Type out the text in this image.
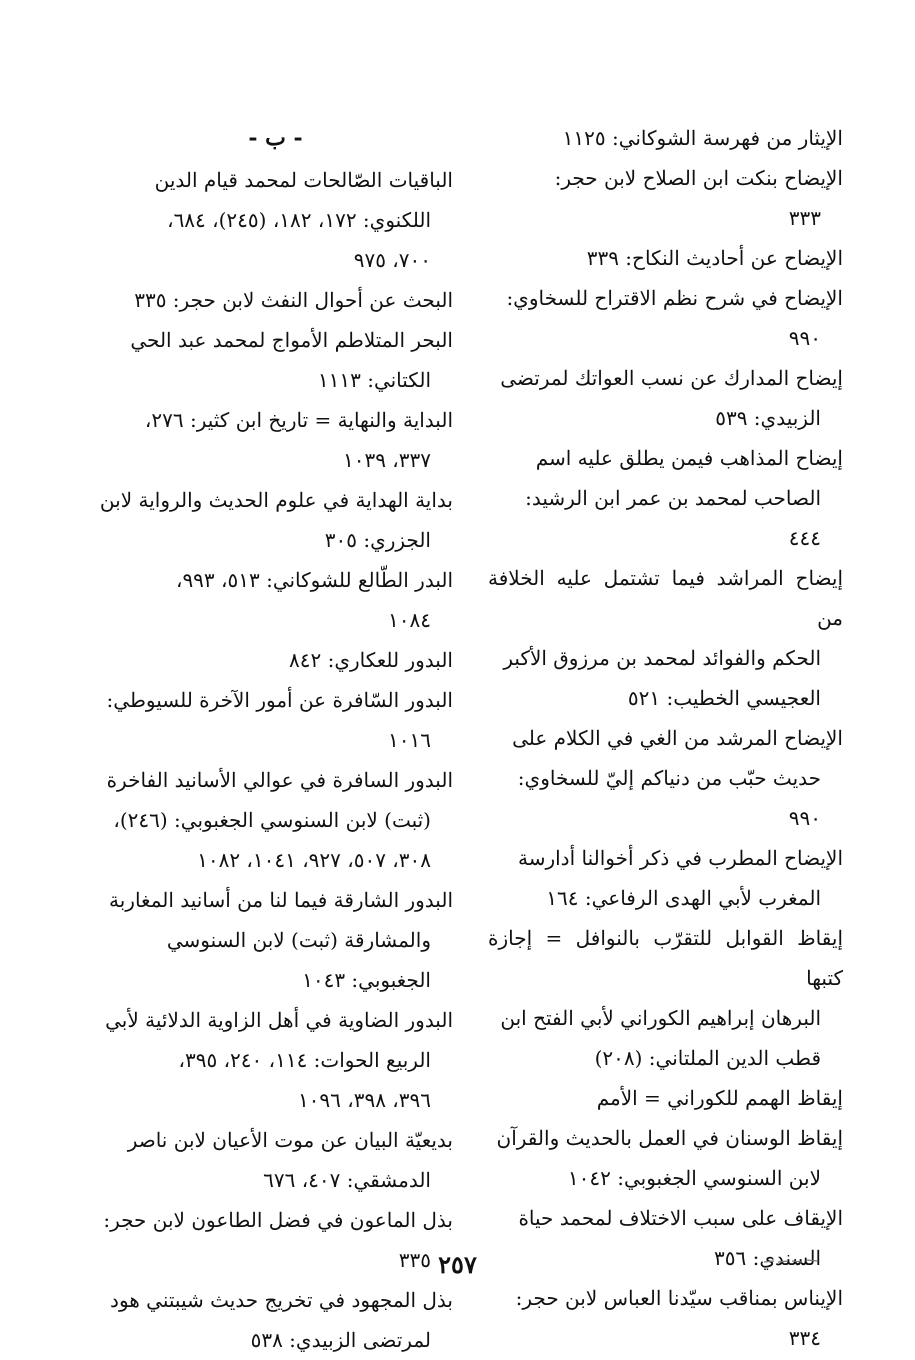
الإيثار من فهرسة الشوكاني: ١١٢٥
الإيضاح بنكت ابن الصلاح لابن حجر:
٣٣٣
الإيضاح عن أحاديث النكاح: ٣٣٩
الإيضاح في شرح نظم الاقتراح للسخاوي:
٩٩٠
إيضاح المدارك عن نسب العواتك لمرتضى
الزبيدي: ٥٣٩
إيضاح المذاهب فيمن يطلق عليه اسم
الصاحب لمحمد بن عمر ابن الرشيد:
٤٤٤
إيضاح المراشد فيما تشتمل عليه الخلافة من
الحكم والفوائد لمحمد بن مرزوق الأكبر
العجيسي الخطيب: ٥٢١
الإيضاح المرشد من الغي في الكلام على
حديث حبّب من دنياكم إليّ للسخاوي:
٩٩٠
الإيضاح المطرب في ذكر أخوالنا أدارسة
المغرب لأبي الهدى الرفاعي: ١٦٤
إيقاظ القوابل للتقرّب بالنوافل = إجازة كتبها
البرهان إبراهيم الكوراني لأبي الفتح ابن
قطب الدين الملتاني: (٢٠٨)
إيقاظ الهمم للكوراني = الأمم
إيقاظ الوسنان في العمل بالحديث والقرآن
لابن السنوسي الجغبوبي: ١٠٤٢
الإيقاف على سبب الاختلاف لمحمد حياة
السندي: ٣٥٦
الإيناس بمناقب سيّدنا العباس لابن حجر:
٣٣٤
- ب -
الباقيات الصّالحات لمحمد قيام الدين
اللكنوي: ١٧٢، ١٨٢، (٢٤٥)، ٦٨٤،
٧٠٠، ٩٧٥
البحث عن أحوال النفث لابن حجر: ٣٣٥
البحر المتلاطم الأمواج لمحمد عبد الحي
الكتاني: ١١١٣
البداية والنهاية = تاريخ ابن كثير: ٢٧٦،
٣٣٧، ١٠٣٩
بداية الهداية في علوم الحديث والرواية لابن
الجزري: ٣٠٥
البدر الطّالع للشوكاني: ٥١٣، ٩٩٣،
١٠٨٤
البدور للعكاري: ٨٤٢
البدور السّافرة عن أمور الآخرة للسيوطي:
١٠١٦
البدور السافرة في عوالي الأسانيد الفاخرة
(ثبت) لابن السنوسي الجغبوبي: (٢٤٦)،
٣٠٨، ٥٠٧، ٩٢٧، ١٠٤١، ١٠٨٢
البدور الشارقة فيما لنا من أسانيد المغاربة
والمشارقة (ثبت) لابن السنوسي
الجغبوبي: ١٠٤٣
البدور الضاوية في أهل الزاوية الدلائية لأبي
الربيع الحوات: ١١٤، ٢٤٠، ٣٩٥،
٣٩٦، ٣٩٨، ١٠٩٦
بديعيّة البيان عن موت الأعيان لابن ناصر
الدمشقي: ٤٠٧، ٦٧٦
بذل الماعون في فضل الطاعون لابن حجر:
٣٣٥
بذل المجهود في تخريج حديث شيبتني هود
لمرتضى الزبيدي: ٥٣٨
٢٥٧
